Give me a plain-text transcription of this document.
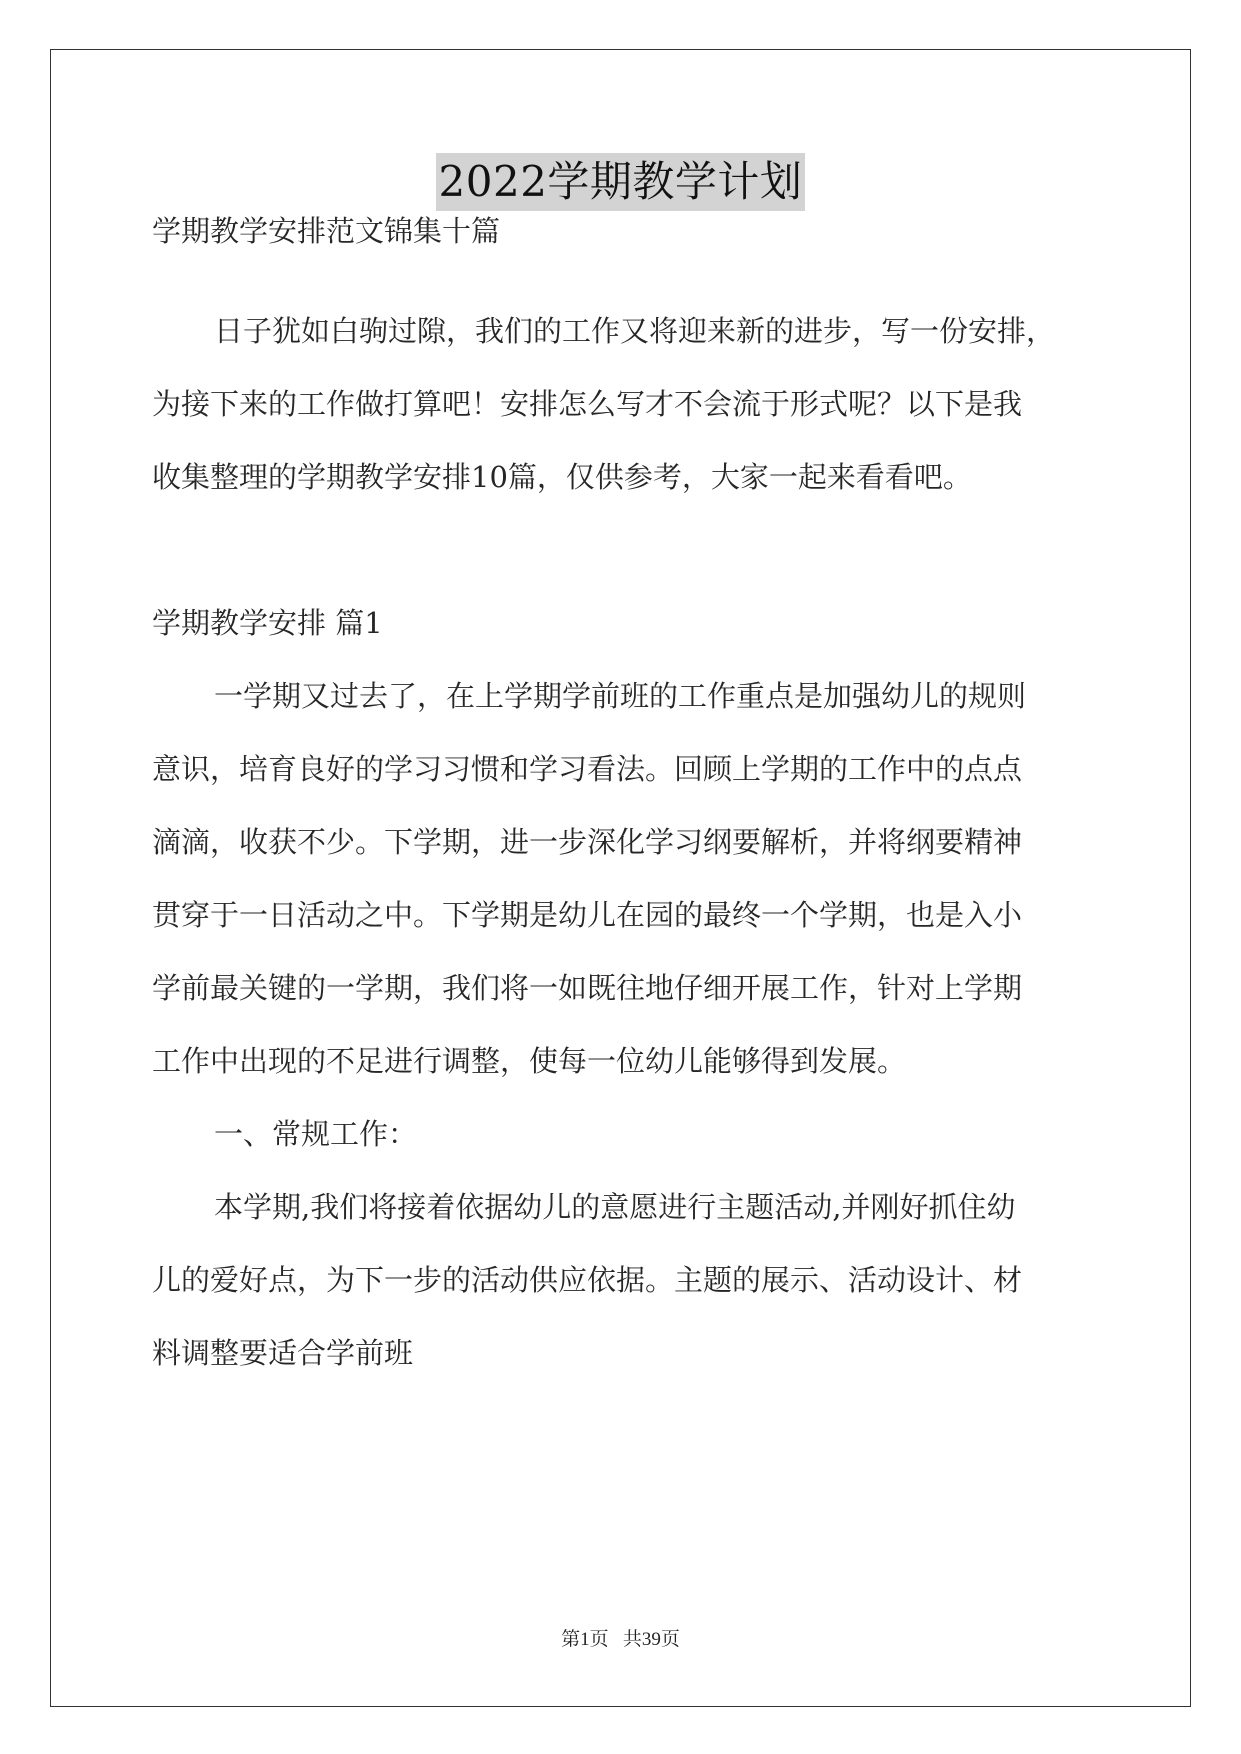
2022学期教学计划
学期教学安排范文锦集十篇
日子犹如白驹过隙，我们的工作又将迎来新的进步，写一份安排，
为接下来的工作做打算吧！安排怎么写才不会流于形式呢？以下是我
收集整理的学期教学安排10篇，仅供参考，大家一起来看看吧。
学期教学安排 篇1
一学期又过去了，在上学期学前班的工作重点是加强幼儿的规则
意识，培育良好的学习习惯和学习看法。回顾上学期的工作中的点点
滴滴，收获不少。下学期，进一步深化学习纲要解析，并将纲要精神
贯穿于一日活动之中。下学期是幼儿在园的最终一个学期，也是入小
学前最关键的一学期，我们将一如既往地仔细开展工作，针对上学期
工作中出现的不足进行调整，使每一位幼儿能够得到发展。
一、常规工作：
本学期,我们将接着依据幼儿的意愿进行主题活动,并刚好抓住幼
儿的爱好点，为下一步的活动供应依据。主题的展示、活动设计、材
料调整要适合学前班
第1页 共39页
